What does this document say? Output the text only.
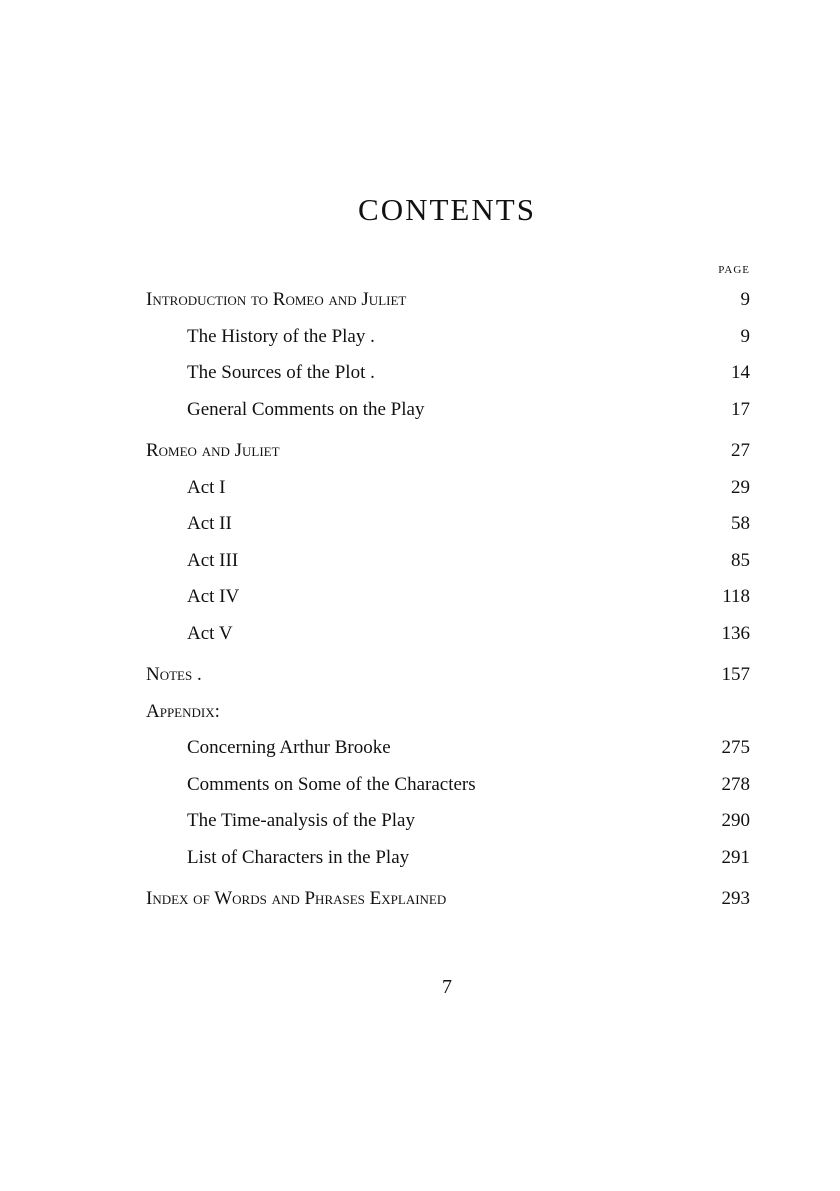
CONTENTS
PAGE
Introduction to Romeo and Juliet	9
The History of the Play .	9
The Sources of the Plot .	14
General Comments on the Play	17
Romeo and Juliet	27
Act I	29
Act II	58
Act III	85
Act IV	118
Act V	136
Notes .	157
Appendix:
Concerning Arthur Brooke	275
Comments on Some of the Characters	278
The Time-analysis of the Play	290
List of Characters in the Play	291
Index of Words and Phrases Explained	293
7
